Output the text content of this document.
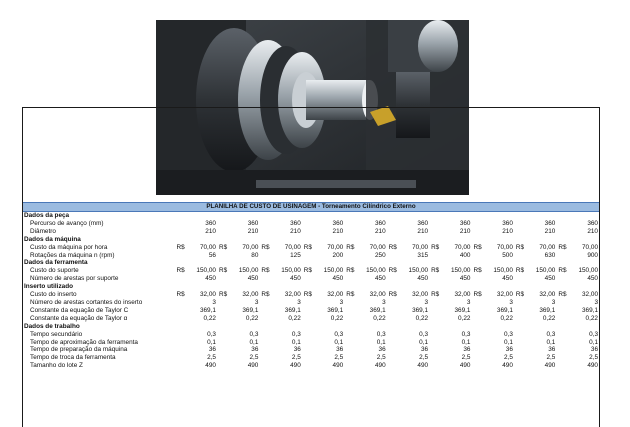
PLANILHA DE CUSTO DE USINAGEM - Torneamento Cilíndrico Externo
Dados da peça																				
Percurso de avanço (mm)		360		360		360		360		360		360		360		360		360		360
Diâmetro		210		210		210		210		210		210		210		210		210		210
Dados da máquina																				
Custo da máquina por hora	R$	70,00	R$	70,00	R$	70,00	R$	70,00	R$	70,00	R$	70,00	R$	70,00	R$	70,00	R$	70,00	R$	70,00
Rotações da máquina n (rpm)		56		80		125		200		250		315		400		500		630		900
Dados da ferramenta																				
Custo do suporte	R$	150,00	R$	150,00	R$	150,00	R$	150,00	R$	150,00	R$	150,00	R$	150,00	R$	150,00	R$	150,00	R$	150,00
Número de arestas por suporte		450		450		450		450		450		450		450		450		450		450
Inserto utilizado																				
Custo do inserto	R$	32,00	R$	32,00	R$	32,00	R$	32,00	R$	32,00	R$	32,00	R$	32,00	R$	32,00	R$	32,00	R$	32,00
Número de arestas cortantes do inserto		3		3		3		3		3		3		3		3		3		3
Constante da equação de Taylor C		369,1		369,1		369,1		369,1		369,1		369,1		369,1		369,1		369,1		369,1
Constante da equação de Taylor α		0,22		0,22		0,22		0,22		0,22		0,22		0,22		0,22		0,22		0,22
Dados de trabalho																				
Tempo secundário		0,3		0,3		0,3		0,3		0,3		0,3		0,3		0,3		0,3		0,3
Tempo de aproximação da ferramenta		0,1		0,1		0,1		0,1		0,1		0,1		0,1		0,1		0,1		0,1
Tempo de preparação da máquina		36		36		36		36		36		36		36		36		36		36
Tempo de troca da ferramenta		2,5		2,5		2,5		2,5		2,5		2,5		2,5		2,5		2,5		2,5
Tamanho do lote Z		490		490		490		490		490		490		490		490		490		490
